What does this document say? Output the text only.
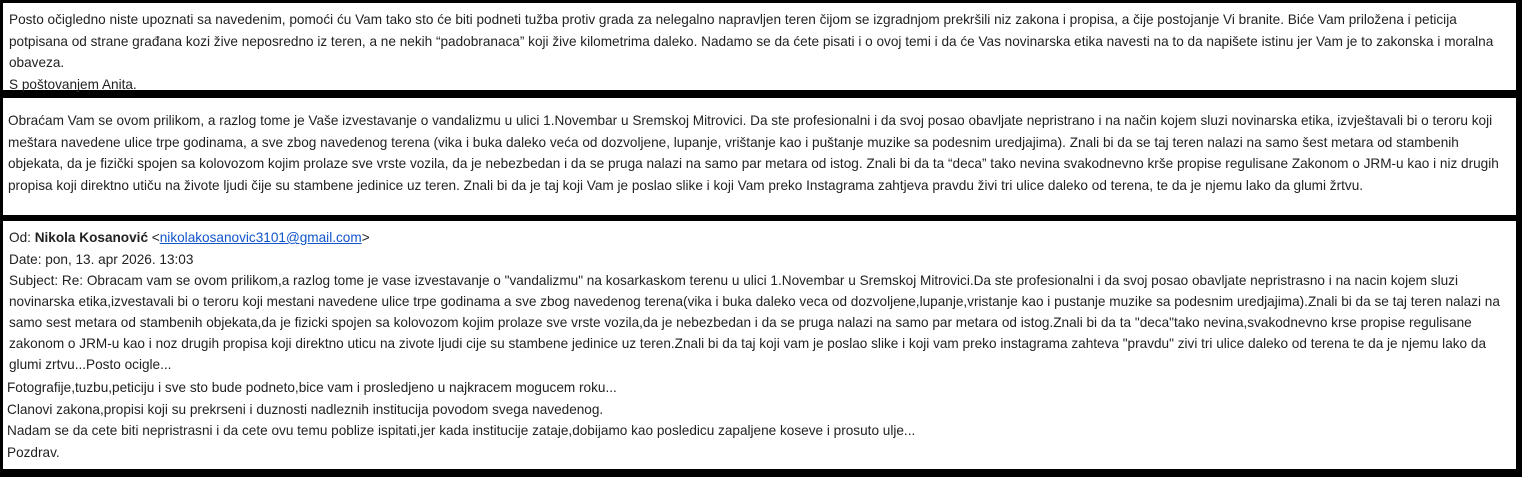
Posto očigledno niste upoznati sa navedenim, pomoći ću Vam tako sto će biti podneti tužba protiv grada za nelegalno napravljen teren čijom se izgradnjom prekršili niz zakona i propisa, a čije postojanje Vi branite. Biće Vam priložena i peticija potpisana od strane građana kozi žive neposredno iz teren, a ne nekih “padobranaca” koji žive kilometrima daleko. Nadamo se da ćete pisati i o ovoj temi i da će Vas novinarska etika navesti na to da napišete istinu jer Vam je to zakonska i moralna obaveza.

S poštovanjem Anita.

Obraćam Vam se ovom prilikom, a razlog tome je Vaše izvestavanje o vandalizmu u ulici 1.Novembar u Sremskoj Mitrovici. Da ste profesionalni i da svoj posao obavljate nepristrano i na način kojem sluzi novinarska etika, izvještavali bi o teroru koji meštara navedene ulice trpe godinama, a sve zbog navedenog terena (vika i buka daleko veća od dozvoljene, lupanje, vrištanje kao i puštanje muzike sa podesnim uredjajima). Znali bi da se taj teren nalazi na samo šest metara od stambenih objekata, da je fizički spojen sa kolovozom kojim prolaze sve vrste vozila, da je nebezbedan i da se pruga nalazi na samo par metara od istog. Znali bi da ta “deca” tako nevina svakodnevno krše propise regulisane Zakonom o JRM-u kao i niz drugih propisa koji direktno utiču na živote ljudi čije su stambene jedinice uz teren. Znali bi da je taj koji Vam je poslao slike i koji Vam preko Instagrama zahtjeva pravdu živi tri ulice daleko od terena, te da je njemu lako da glumi žrtvu.

Od: Nikola Kosanović <nikolakosanovic3101@gmail.com>
Date: pon, 13. apr 2026. 13:03

Subject: Re: Obracam vam se ovom prilikom,a razlog tome je vase izvestavanje o "vandalizmu" na kosarkaskom terenu u ulici 1.Novembar u Sremskoj Mitrovici.Da ste profesionalni i da svoj posao obavljate nepristrasno i na nacin kojem sluzi novinarska etika,izvestavali bi o teroru koji mestani navedene ulice trpe godinama a sve zbog navedenog terena(vika i buka daleko veca od dozvoljene,lupanje,vristanje kao i pustanje muzike sa podesnim uredjajima).Znali bi da se taj teren nalazi na samo sest metara od stambenih objekata,da je fizicki spojen sa kolovozom kojim prolaze sve vrste vozila,da je nebezbedan i da se pruga nalazi na samo par metara od istog.Znali bi da ta "deca"tako nevina,svakodnevno krse propise regulisane zakonom o JRM-u kao i noz drugih propisa koji direktno uticu na zivote ljudi cije su stambene jedinice uz teren.Znali bi da taj koji vam je poslao slike i koji vam preko instagrama zahteva "pravdu" zivi tri ulice daleko od terena te da je njemu lako da glumi zrtvu...Posto ocigle...

Fotografije,tuzbu,peticiju i sve sto bude podneto,bice vam i prosledjeno u najkracem mogucem roku...
Clanovi zakona,propisi koji su prekrseni i duznosti nadleznih institucija povodom svega navedenog.
Nadam se da cete biti nepristrasni i da cete ovu temu poblize ispitati,jer kada institucije zataje,dobijamo kao posledicu zapaljene koseve i prosuto ulje...
Pozdrav.
